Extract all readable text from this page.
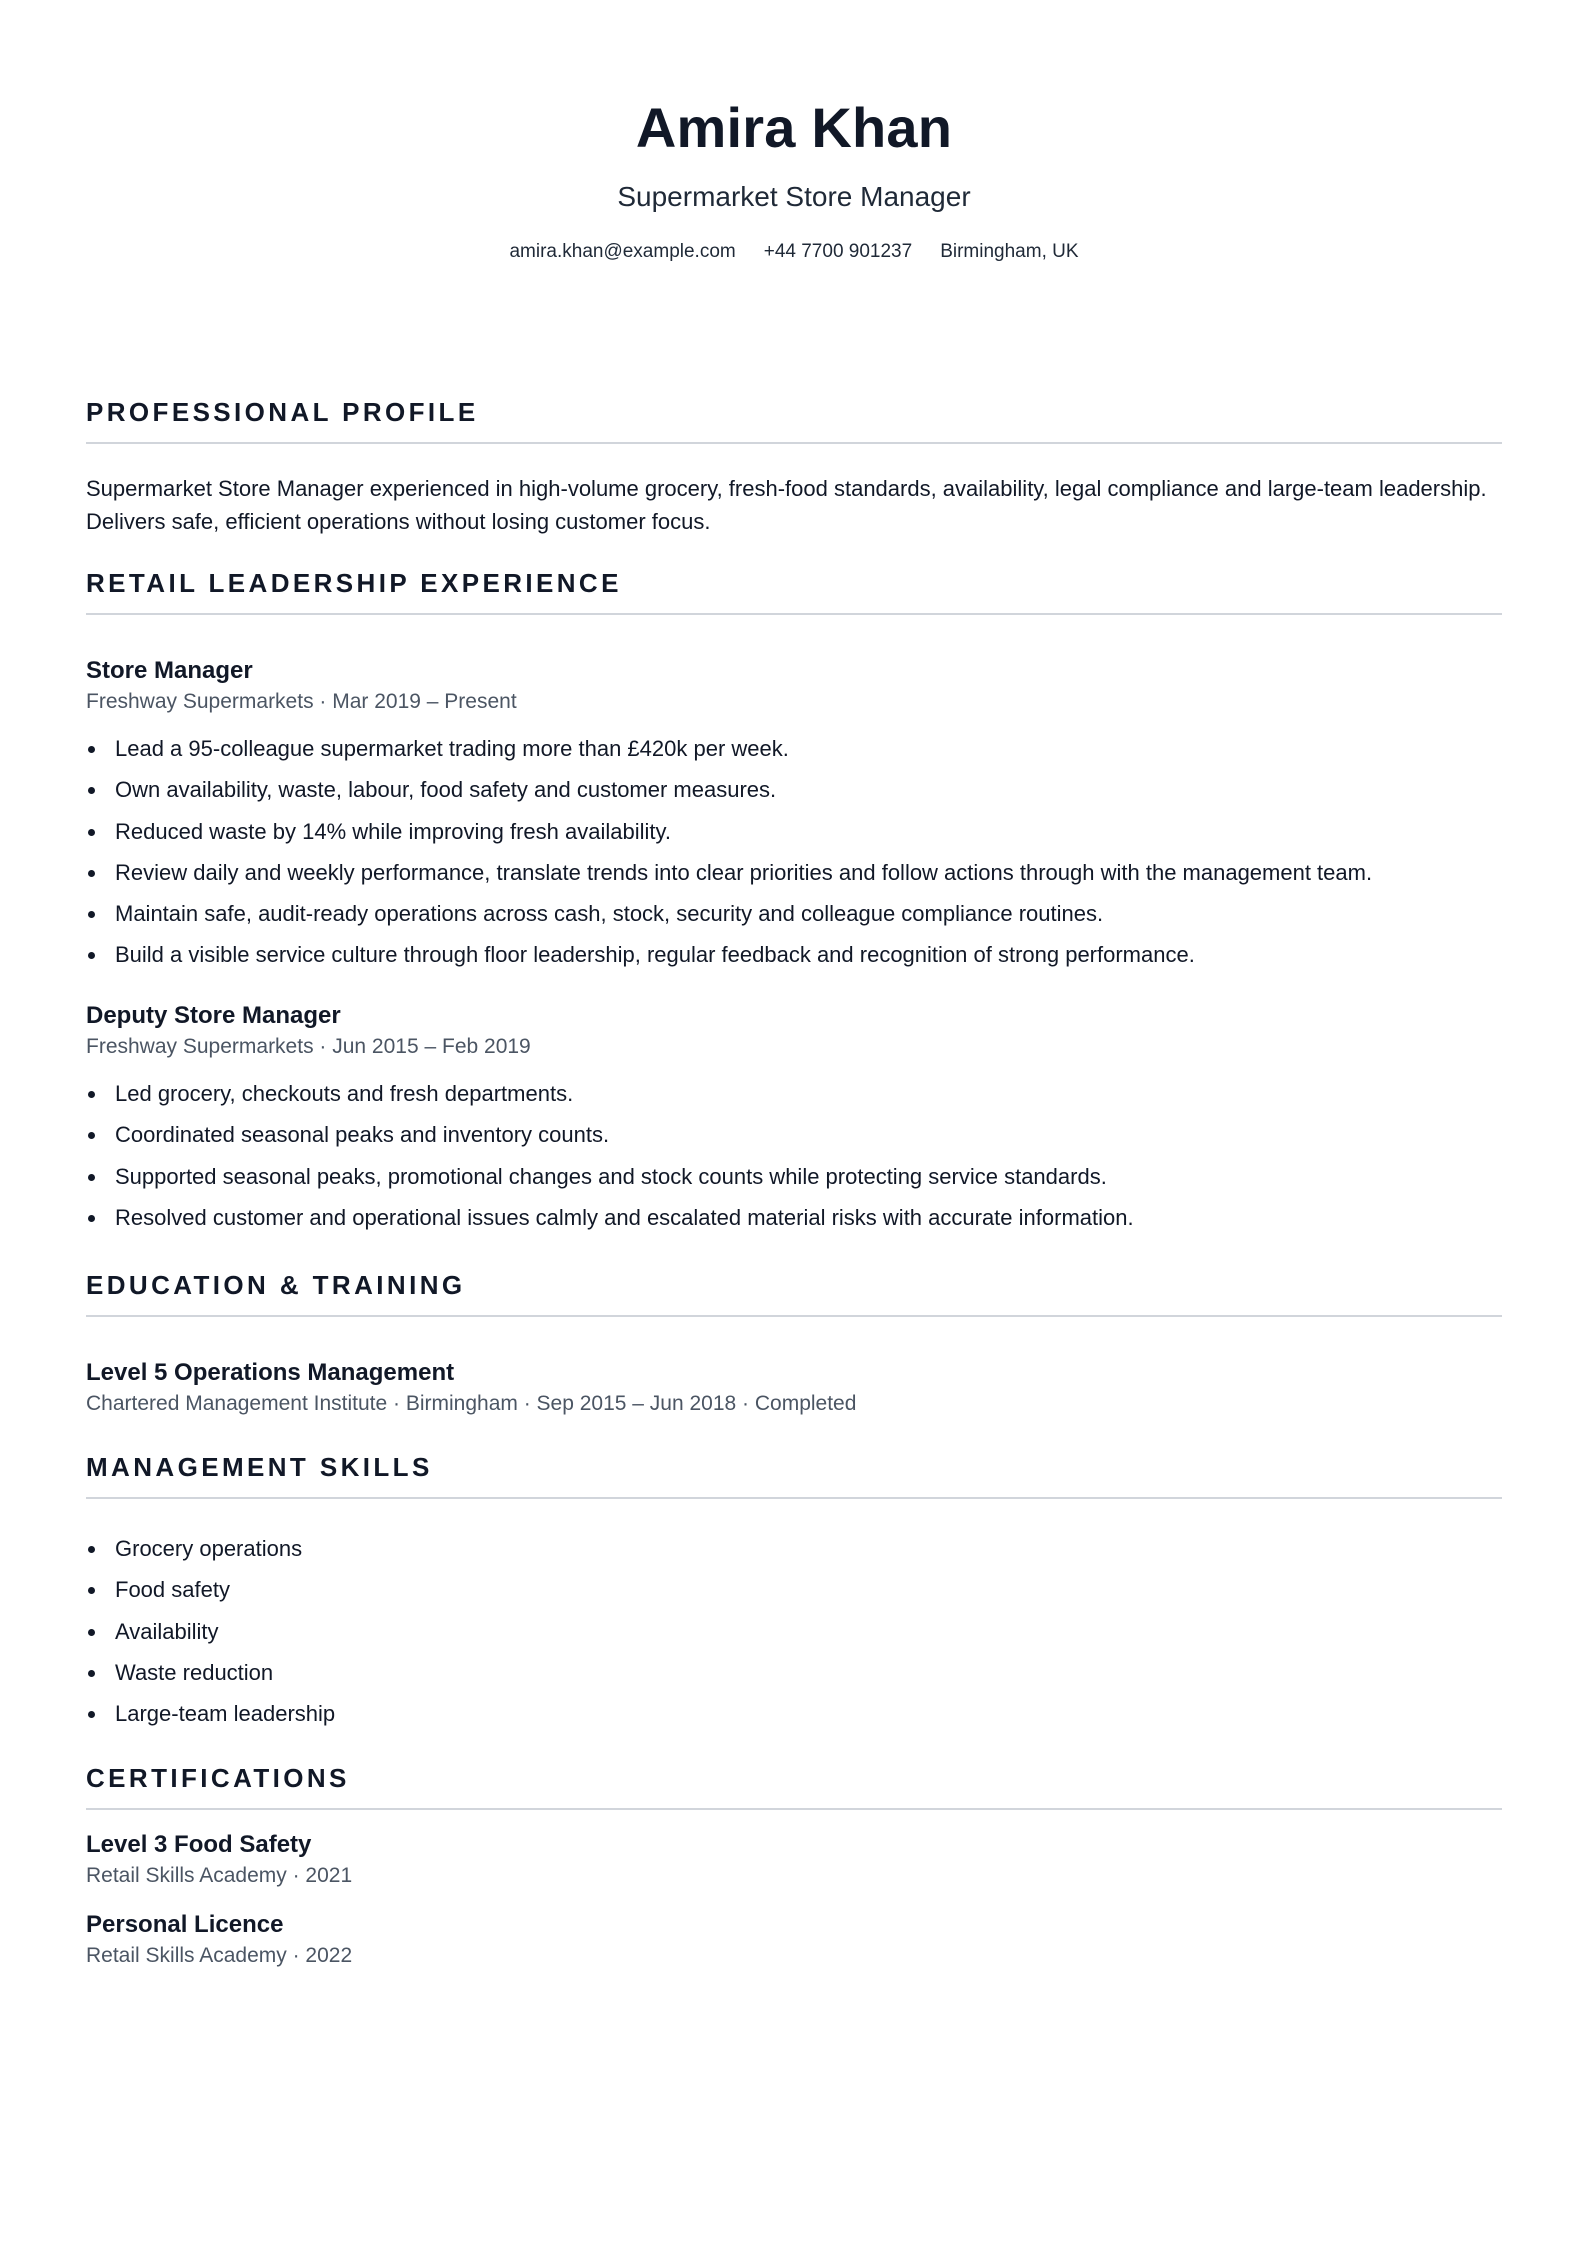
Amira Khan
Supermarket Store Manager
amira.khan@example.com +44 7700 901237 Birmingham, UK
PROFESSIONAL PROFILE
Supermarket Store Manager experienced in high-volume grocery, fresh-food standards, availability, legal compliance and large-team leadership. Delivers safe, efficient operations without losing customer focus.
RETAIL LEADERSHIP EXPERIENCE
Store Manager
Freshway Supermarkets · Mar 2019 – Present
Lead a 95-colleague supermarket trading more than £420k per week.
Own availability, waste, labour, food safety and customer measures.
Reduced waste by 14% while improving fresh availability.
Review daily and weekly performance, translate trends into clear priorities and follow actions through with the management team.
Maintain safe, audit-ready operations across cash, stock, security and colleague compliance routines.
Build a visible service culture through floor leadership, regular feedback and recognition of strong performance.
Deputy Store Manager
Freshway Supermarkets · Jun 2015 – Feb 2019
Led grocery, checkouts and fresh departments.
Coordinated seasonal peaks and inventory counts.
Supported seasonal peaks, promotional changes and stock counts while protecting service standards.
Resolved customer and operational issues calmly and escalated material risks with accurate information.
EDUCATION & TRAINING
Level 5 Operations Management
Chartered Management Institute · Birmingham · Sep 2015 – Jun 2018 · Completed
MANAGEMENT SKILLS
Grocery operations
Food safety
Availability
Waste reduction
Large-team leadership
CERTIFICATIONS
Level 3 Food Safety
Retail Skills Academy · 2021
Personal Licence
Retail Skills Academy · 2022
